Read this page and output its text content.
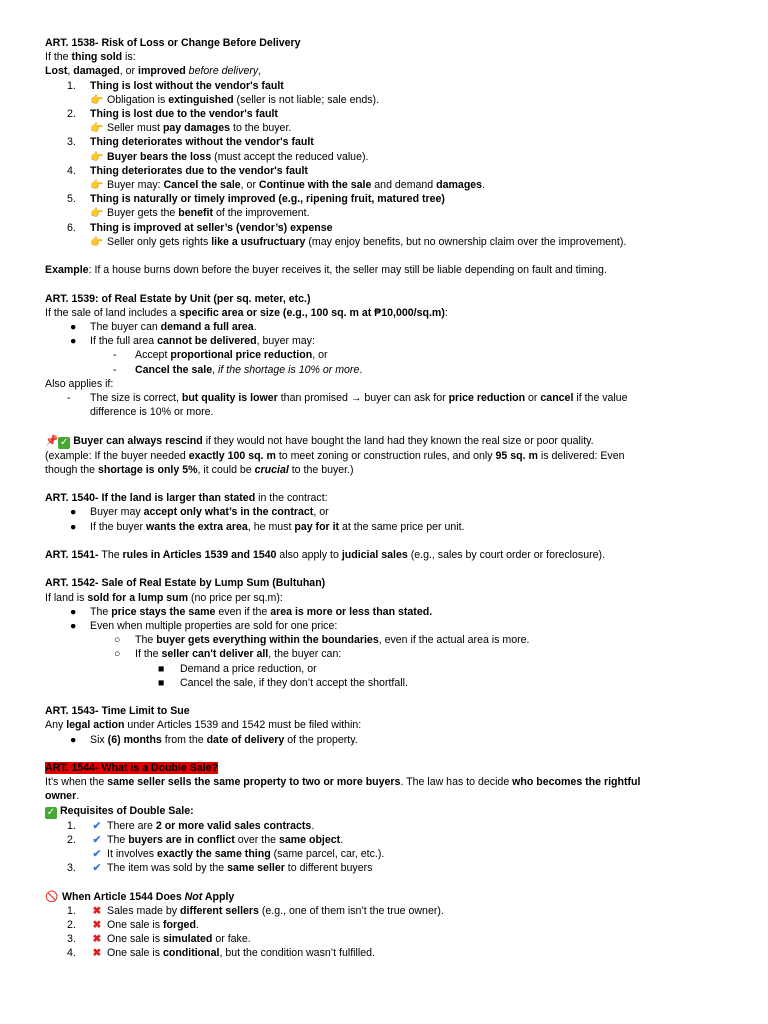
ART. 1538- Risk of Loss or Change Before Delivery
If the thing sold is:
Lost, damaged, or improved before delivery,
1. Thing is lost without the vendor's fault
👉 Obligation is extinguished (seller is not liable; sale ends).
2. Thing is lost due to the vendor's fault
👉 Seller must pay damages to the buyer.
3. Thing deteriorates without the vendor's fault
👉 Buyer bears the loss (must accept the reduced value).
4. Thing deteriorates due to the vendor's fault
👉 Buyer may: Cancel the sale, or Continue with the sale and demand damages.
5. Thing is naturally or timely improved (e.g., ripening fruit, matured tree)
👉 Buyer gets the benefit of the improvement.
6. Thing is improved at seller’s (vendor’s) expense
👉 Seller only gets rights like a usufructuary (may enjoy benefits, but no ownership claim over the improvement).
Example: If a house burns down before the buyer receives it, the seller may still be liable depending on fault and timing.
ART. 1539: of Real Estate by Unit (per sq. meter, etc.)
If the sale of land includes a specific area or size (e.g., 100 sq. m at ₱10,000/sq.m):
● The buyer can demand a full area.
● If the full area cannot be delivered, buyer may:
- Accept proportional price reduction, or
- Cancel the sale, if the shortage is 10% or more.
Also applies if:
- The size is correct, but quality is lower than promised → buyer can ask for price reduction or cancel if the value
difference is 10% or more.
📌 ✓ Buyer can always rescind if they would not have bought the land had they known the real size or poor quality.
(example: If the buyer needed exactly 100 sq. m to meet zoning or construction rules, and only 95 sq. m is delivered: Even
though the shortage is only 5%, it could be crucial to the buyer.)
ART. 1540- If the land is larger than stated in the contract:
● Buyer may accept only what’s in the contract, or
● If the buyer wants the extra area, he must pay for it at the same price per unit.
ART. 1541- The rules in Articles 1539 and 1540 also apply to judicial sales (e.g., sales by court order or foreclosure).
ART. 1542- Sale of Real Estate by Lump Sum (Bultuhan)
If land is sold for a lump sum (no price per sq.m):
● The price stays the same even if the area is more or less than stated.
● Even when multiple properties are sold for one price:
○ The buyer gets everything within the boundaries, even if the actual area is more.
○ If the seller can't deliver all, the buyer can:
■ Demand a price reduction, or
■ Cancel the sale, if they don’t accept the shortfall.
ART. 1543- Time Limit to Sue
Any legal action under Articles 1539 and 1542 must be filed within:
● Six (6) months from the date of delivery of the property.
ART. 1544- What is a Double Sale?
It’s when the same seller sells the same property to two or more buyers. The law has to decide who becomes the rightful
owner.
✓ Requisites of Double Sale:
1. ✔ There are 2 or more valid sales contracts.
2. ✔ The buyers are in conflict over the same object.
✔ It involves exactly the same thing (same parcel, car, etc.).
3. ✔ The item was sold by the same seller to different buyers
🚫 When Article 1544 Does Not Apply
1. ✖ Sales made by different sellers (e.g., one of them isn’t the true owner).
2. ✖ One sale is forged.
3. ✖ One sale is simulated or fake.
4. ✖ One sale is conditional, but the condition wasn’t fulfilled.
